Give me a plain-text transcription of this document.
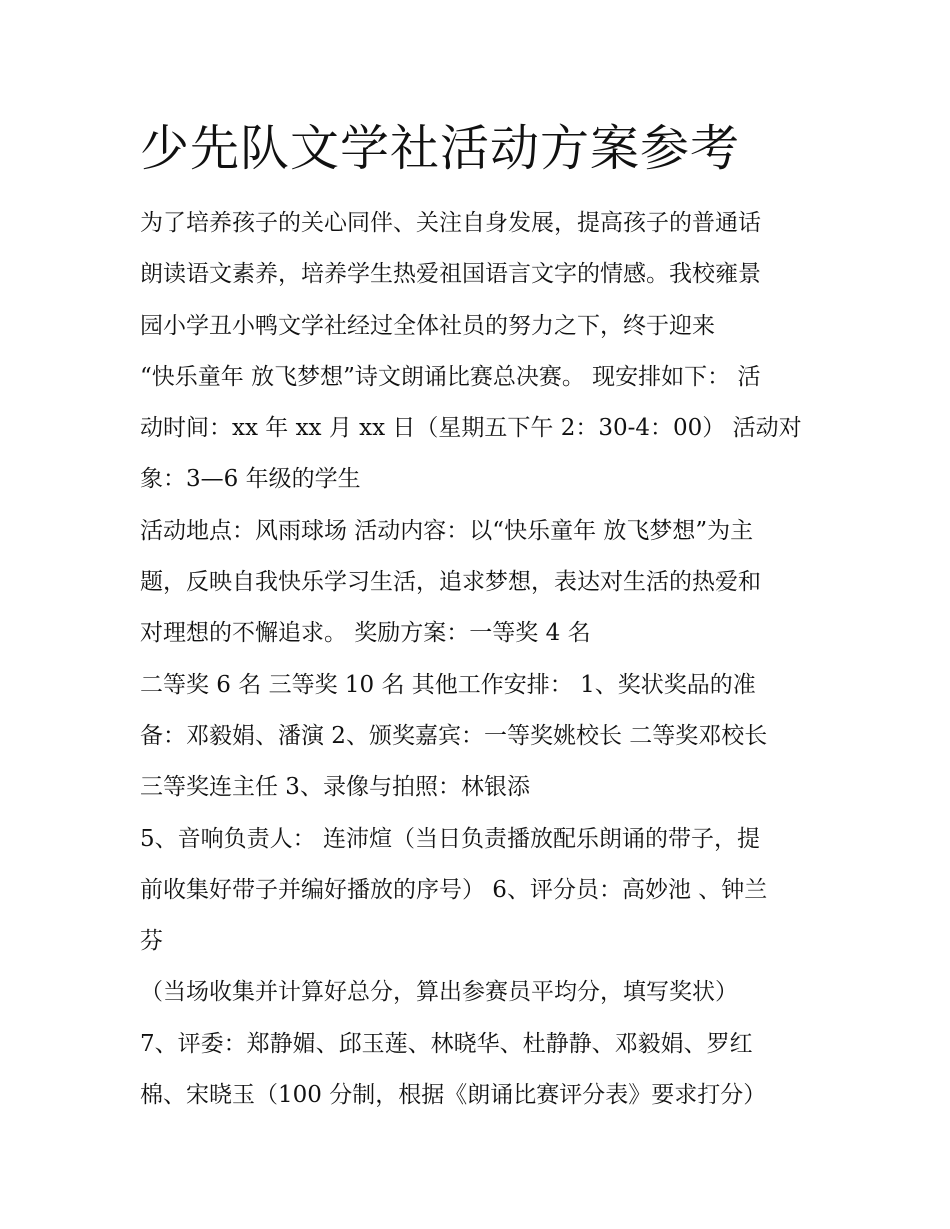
少先队文学社活动方案参考
为了培养孩子的关心同伴、关注自身发展，提高孩子的普通话
朗读语文素养，培养学生热爱祖国语言文字的情感。我校雍景
园小学丑小鸭文学社经过全体社员的努力之下，终于迎来
“快乐童年 放飞梦想”诗文朗诵比赛总决赛。 现安排如下： 活
动时间：xx 年 xx 月 xx 日（星期五下午 2：30-4：00） 活动对
象：3—6 年级的学生
活动地点：风雨球场 活动内容：以“快乐童年 放飞梦想”为主
题，反映自我快乐学习生活，追求梦想，表达对生活的热爱和
对理想的不懈追求。 奖励方案：一等奖 4 名
二等奖 6 名 三等奖 10 名 其他工作安排： 1、奖状奖品的准
备：邓毅娟、潘演 2、颁奖嘉宾：一等奖姚校长 二等奖邓校长
三等奖连主任 3、录像与拍照：林银添
5、音响负责人： 连沛煊（当日负责播放配乐朗诵的带子，提
前收集好带子并编好播放的序号） 6、评分员：高妙池 、钟兰
芬
（当场收集并计算好总分，算出参赛员平均分，填写奖状）
7、评委：郑静媚、邱玉莲、林晓华、杜静静、邓毅娟、罗红
棉、宋晓玉（100 分制，根据《朗诵比赛评分表》要求打分）
